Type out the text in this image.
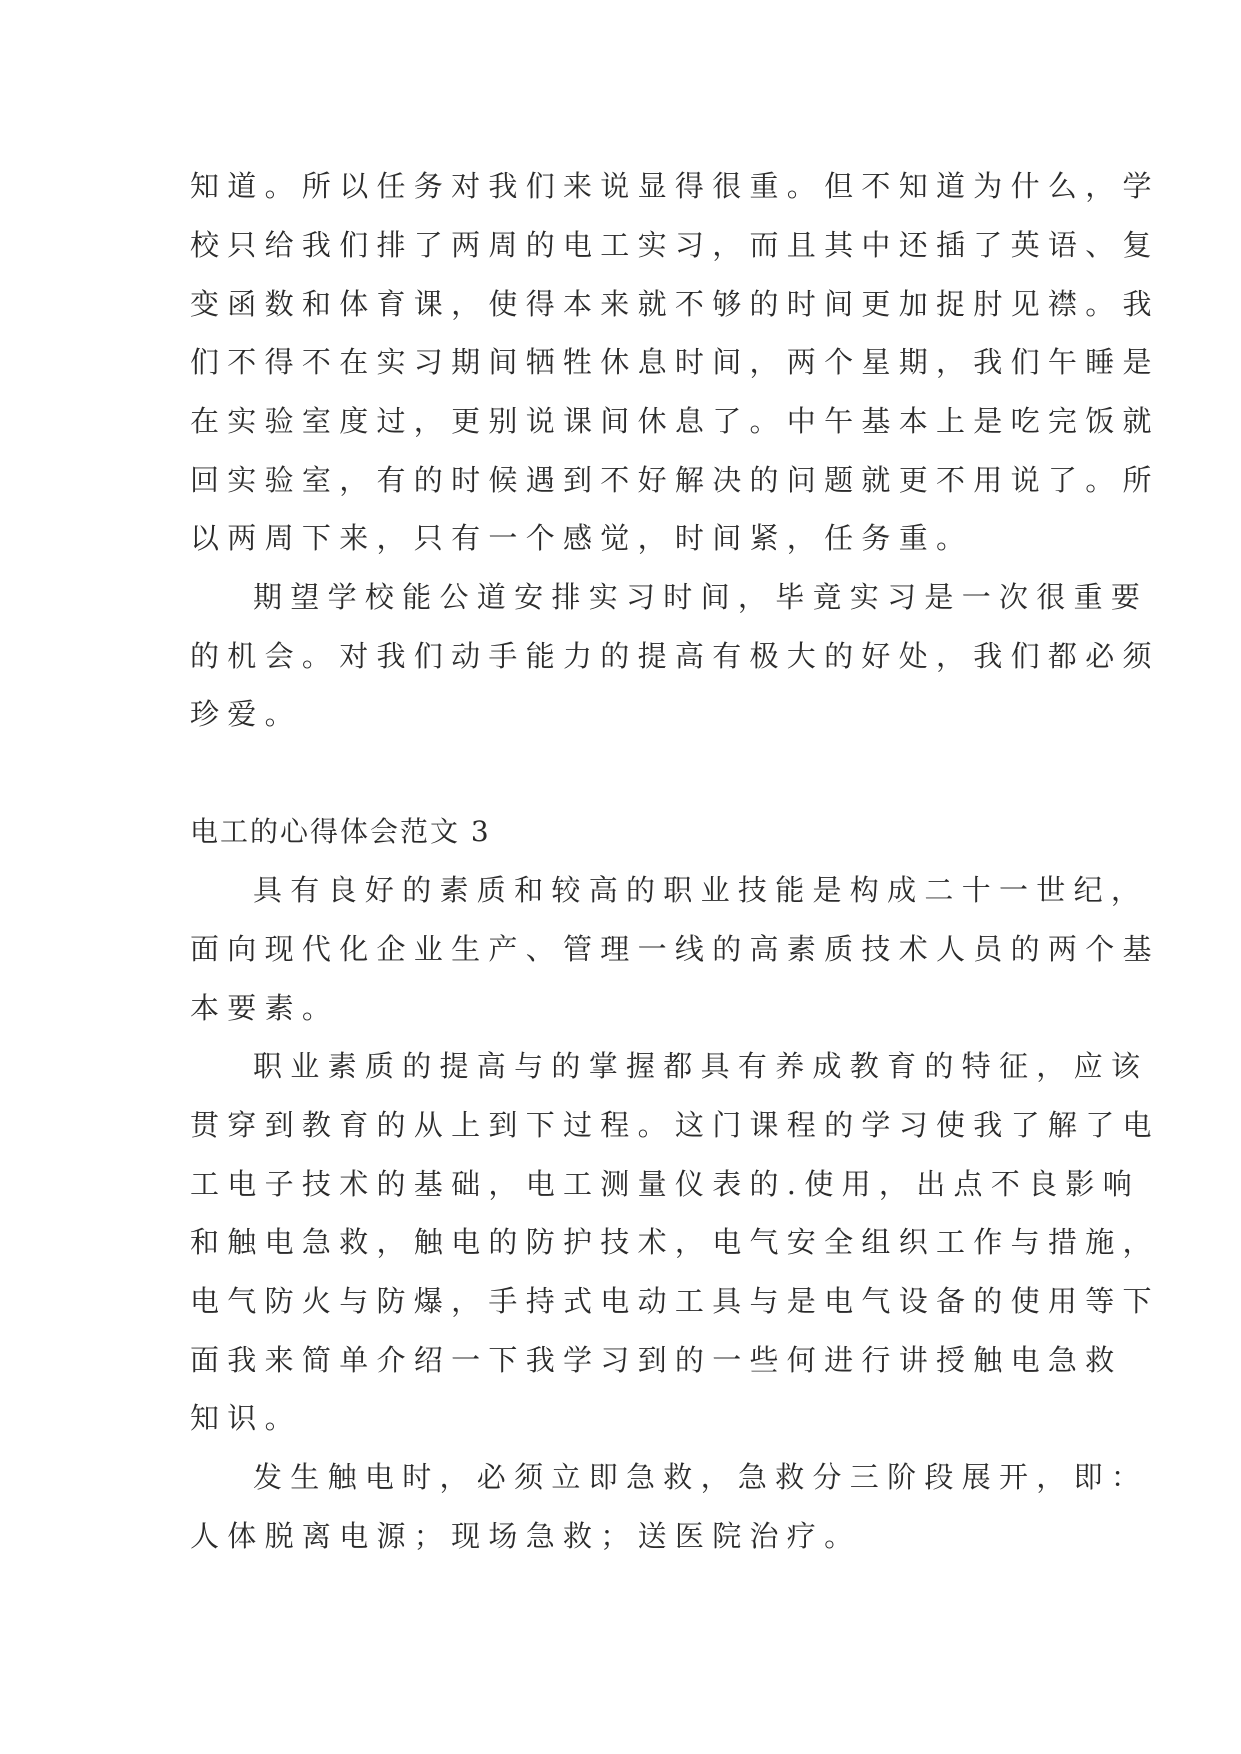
知道。所以任务对我们来说显得很重。但不知道为什么，学
校只给我们排了两周的电工实习，而且其中还插了英语、复
变函数和体育课，使得本来就不够的时间更加捉肘见襟。我
们不得不在实习期间牺牲休息时间，两个星期，我们午睡是
在实验室度过，更别说课间休息了。中午基本上是吃完饭就
回实验室，有的时候遇到不好解决的问题就更不用说了。所
以两周下来，只有一个感觉，时间紧，任务重。
期望学校能公道安排实习时间，毕竟实习是一次很重要
的机会。对我们动手能力的提高有极大的好处，我们都必须
珍爱。
电工的心得体会范文 3
具有良好的素质和较高的职业技能是构成二十一世纪，
面向现代化企业生产、管理一线的高素质技术人员的两个基
本要素。
职业素质的提高与的掌握都具有养成教育的特征，应该
贯穿到教育的从上到下过程。这门课程的学习使我了解了电
工电子技术的基础，电工测量仪表的.使用，出点不良影响
和触电急救，触电的防护技术，电气安全组织工作与措施，
电气防火与防爆，手持式电动工具与是电气设备的使用等下
面我来简单介绍一下我学习到的一些何进行讲授触电急救
知识。
发生触电时，必须立即急救，急救分三阶段展开，即：
人体脱离电源；现场急救；送医院治疗。
